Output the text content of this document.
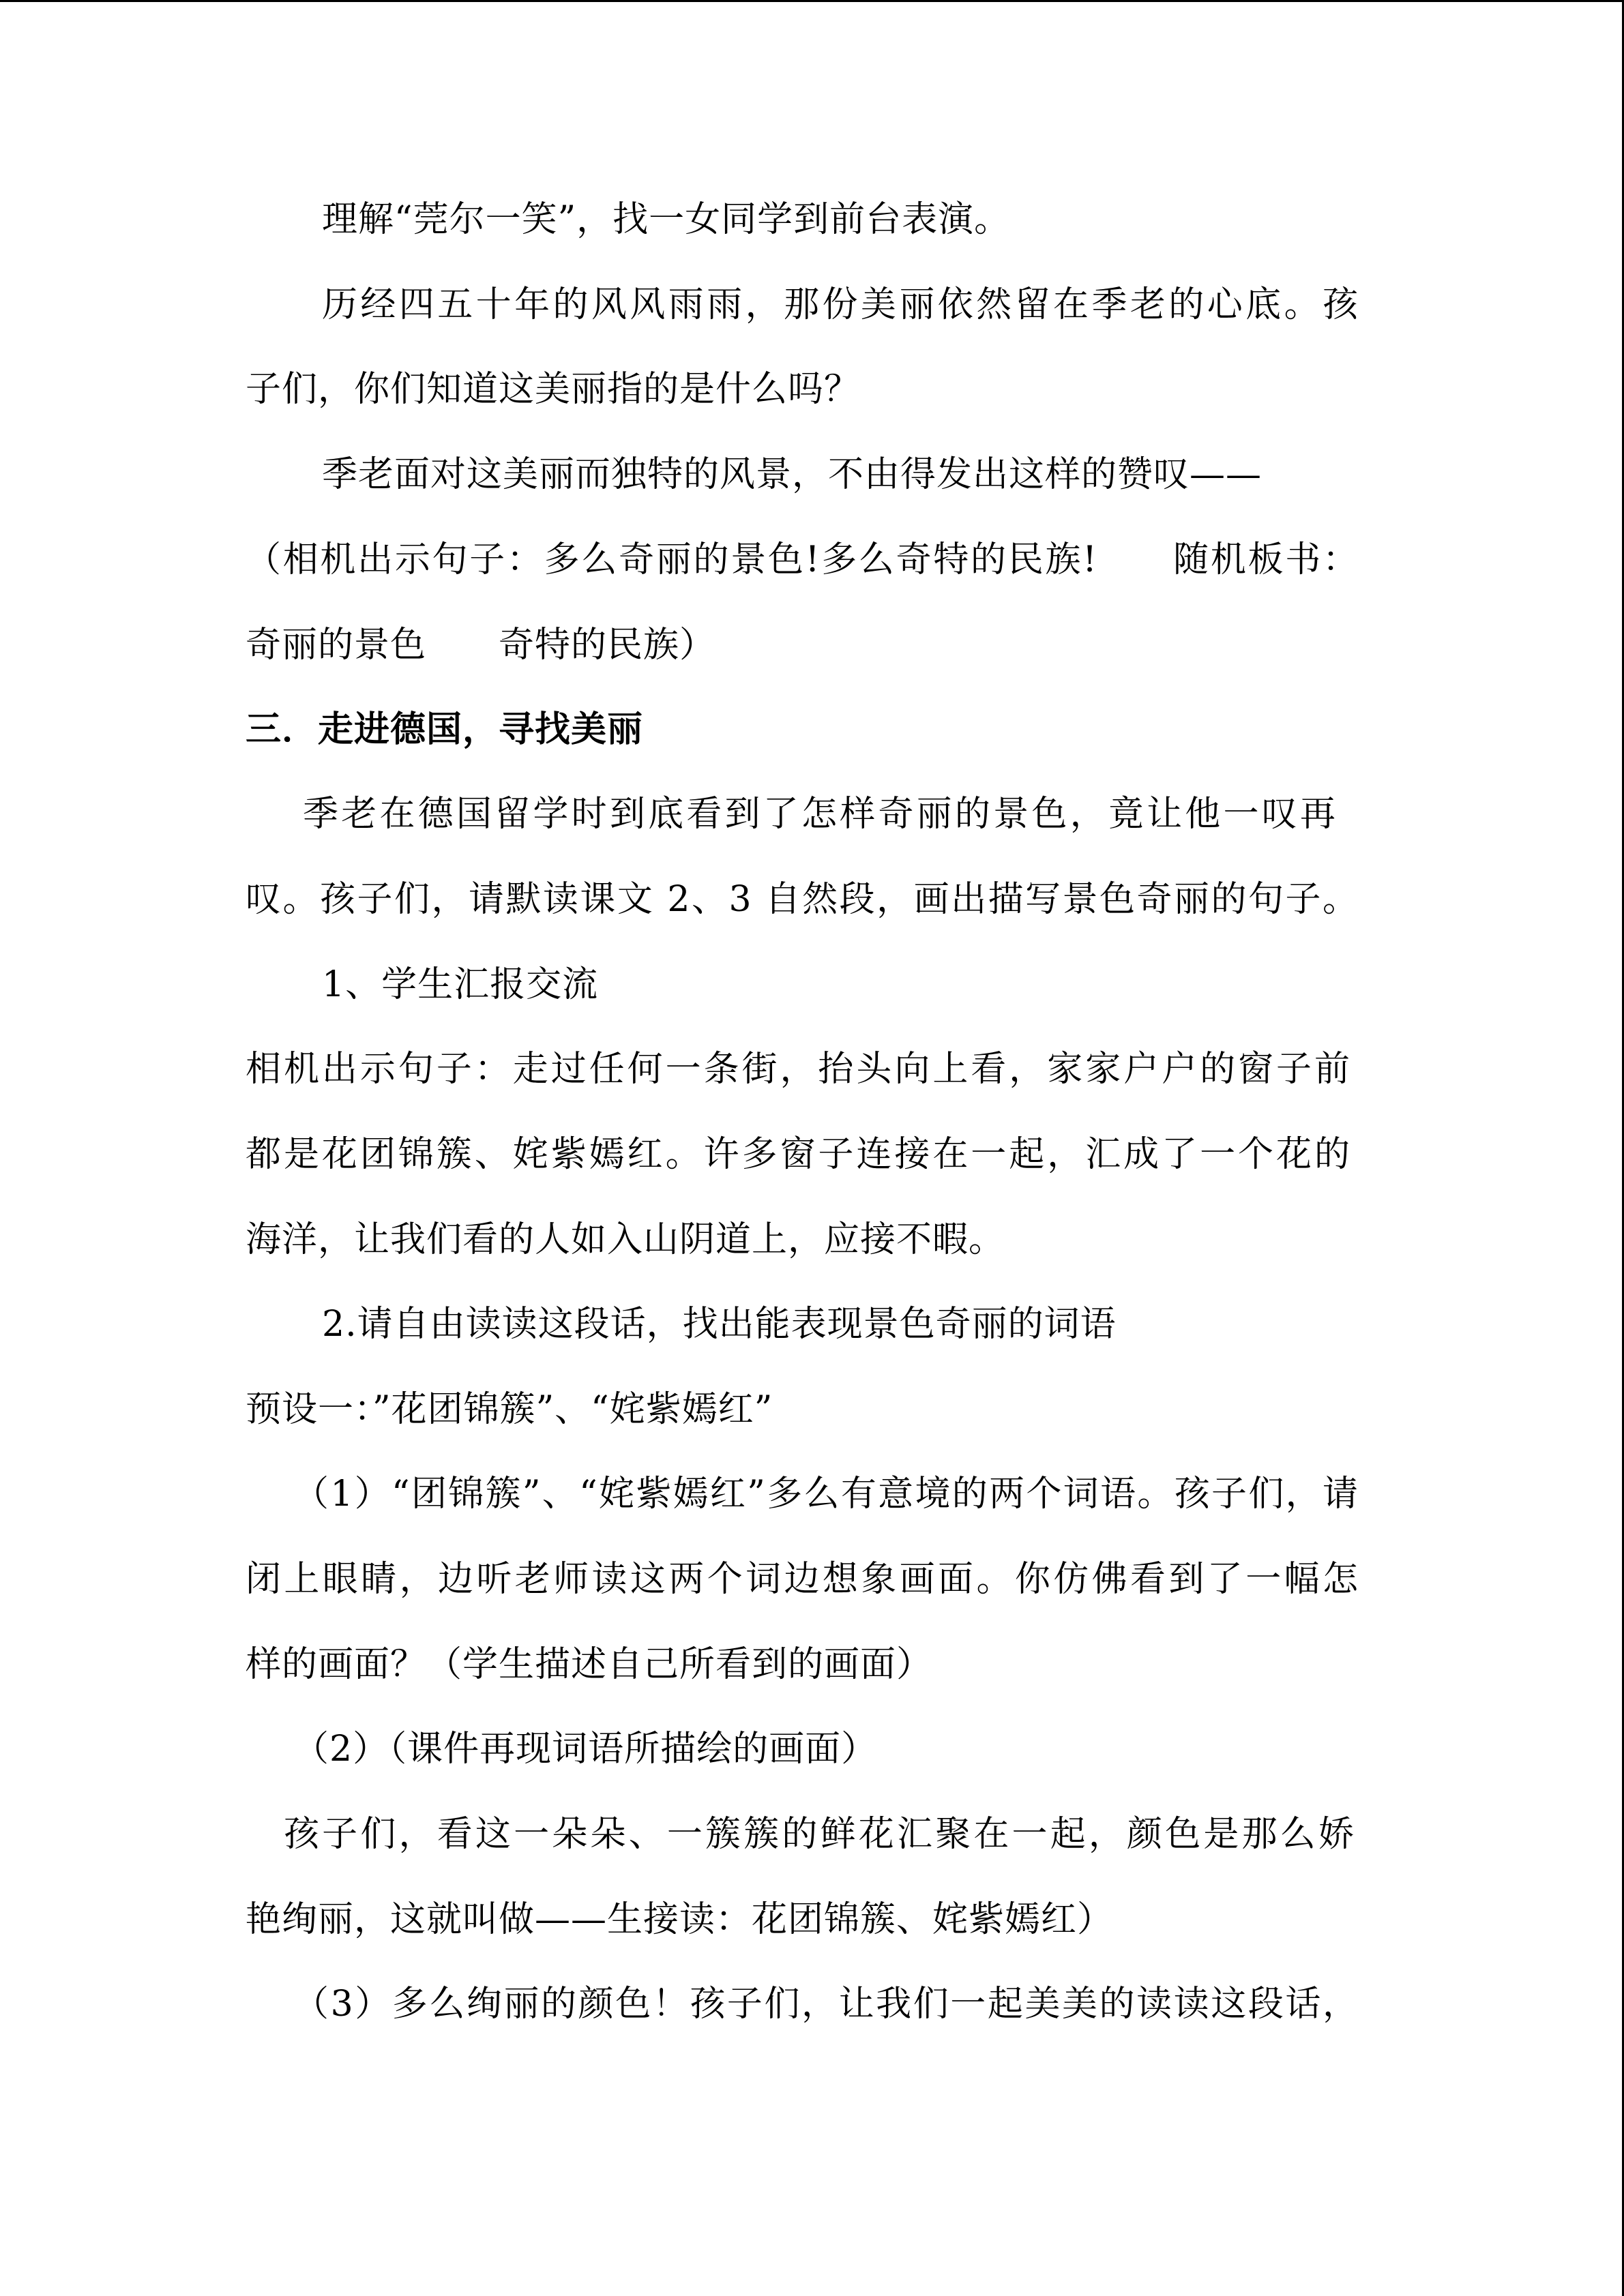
理解“莞尔一笑”，找一女同学到前台表演。
历经四五十年的风风雨雨，那份美丽依然留在季老的心底。孩
子们，你们知道这美丽指的是什么吗？
季老面对这美丽而独特的风景，不由得发出这样的赞叹——
（相机出示句子：多么奇丽的景色!多么奇特的民族!　　随机板书：
奇丽的景色　　奇特的民族）
三．走进德国，寻找美丽
季老在德国留学时到底看到了怎样奇丽的景色，竟让他一叹再
叹。孩子们，请默读课文 2、3 自然段，画出描写景色奇丽的句子。
1、学生汇报交流
相机出示句子：走过任何一条街，抬头向上看，家家户户的窗子前
都是花团锦簇、姹紫嫣红。许多窗子连接在一起，汇成了一个花的
海洋，让我们看的人如入山阴道上，应接不暇。
2.请自由读读这段话，找出能表现景色奇丽的词语
预设一：”花团锦簇”、“姹紫嫣红”
（1）“团锦簇”、“姹紫嫣红”多么有意境的两个词语。孩子们，请
闭上眼睛，边听老师读这两个词边想象画面。你仿佛看到了一幅怎
样的画面？（学生描述自己所看到的画面）
（2）（课件再现词语所描绘的画面）
孩子们，看这一朵朵、一簇簇的鲜花汇聚在一起，颜色是那么娇
艳绚丽，这就叫做——生接读：花团锦簇、姹紫嫣红）
（3）多么绚丽的颜色！孩子们，让我们一起美美的读读这段话，
